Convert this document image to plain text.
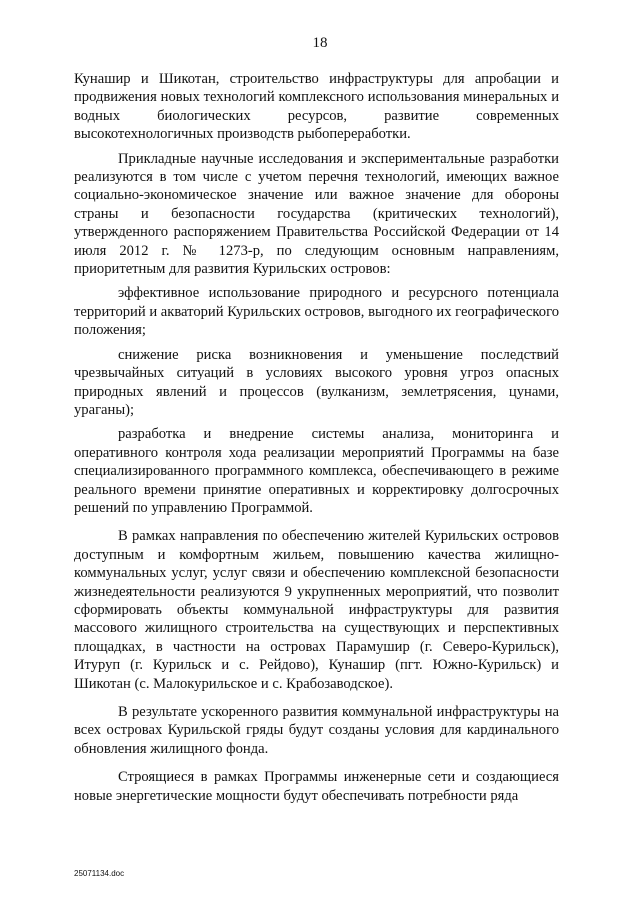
18

Кунашир и Шикотан, строительство инфраструктуры для апробации и продвижения новых технологий комплексного использования минеральных и водных биологических ресурсов, развитие современных высокотехнологичных производств рыбопереработки.

Прикладные научные исследования и экспериментальные разработки реализуются в том числе с учетом перечня технологий, имеющих важное социально-экономическое значение или важное значение для обороны страны и безопасности государства (критических технологий), утвержденного распоряжением Правительства Российской Федерации от 14 июля 2012 г. № 1273-р, по следующим основным направлениям, приоритетным для развития Курильских островов:

эффективное использование природного и ресурсного потенциала территорий и акваторий Курильских островов, выгодного их географического положения;

снижение риска возникновения и уменьшение последствий чрезвычайных ситуаций в условиях высокого уровня угроз опасных природных явлений и процессов (вулканизм, землетрясения, цунами, ураганы);

разработка и внедрение системы анализа, мониторинга и оперативного контроля хода реализации мероприятий Программы на базе специализированного программного комплекса, обеспечивающего в режиме реального времени принятие оперативных и корректировку долгосрочных решений по управлению Программой.

В рамках направления по обеспечению жителей Курильских островов доступным и комфортным жильем, повышению качества жилищно-коммунальных услуг, услуг связи и обеспечению комплексной безопасности жизнедеятельности реализуются 9 укрупненных мероприятий, что позволит сформировать объекты коммунальной инфраструктуры для развития массового жилищного строительства на существующих и перспективных площадках, в частности на островах Парамушир (г. Северо-Курильск), Итуруп (г. Курильск и с. Рейдово), Кунашир (пгт. Южно-Курильск) и Шикотан (с. Малокурильское и с. Крабозаводское).

В результате ускоренного развития коммунальной инфраструктуры на всех островах Курильской гряды будут созданы условия для кардинального обновления жилищного фонда.

Строящиеся в рамках Программы инженерные сети и создающиеся новые энергетические мощности будут обеспечивать потребности ряда

25071134.doc
